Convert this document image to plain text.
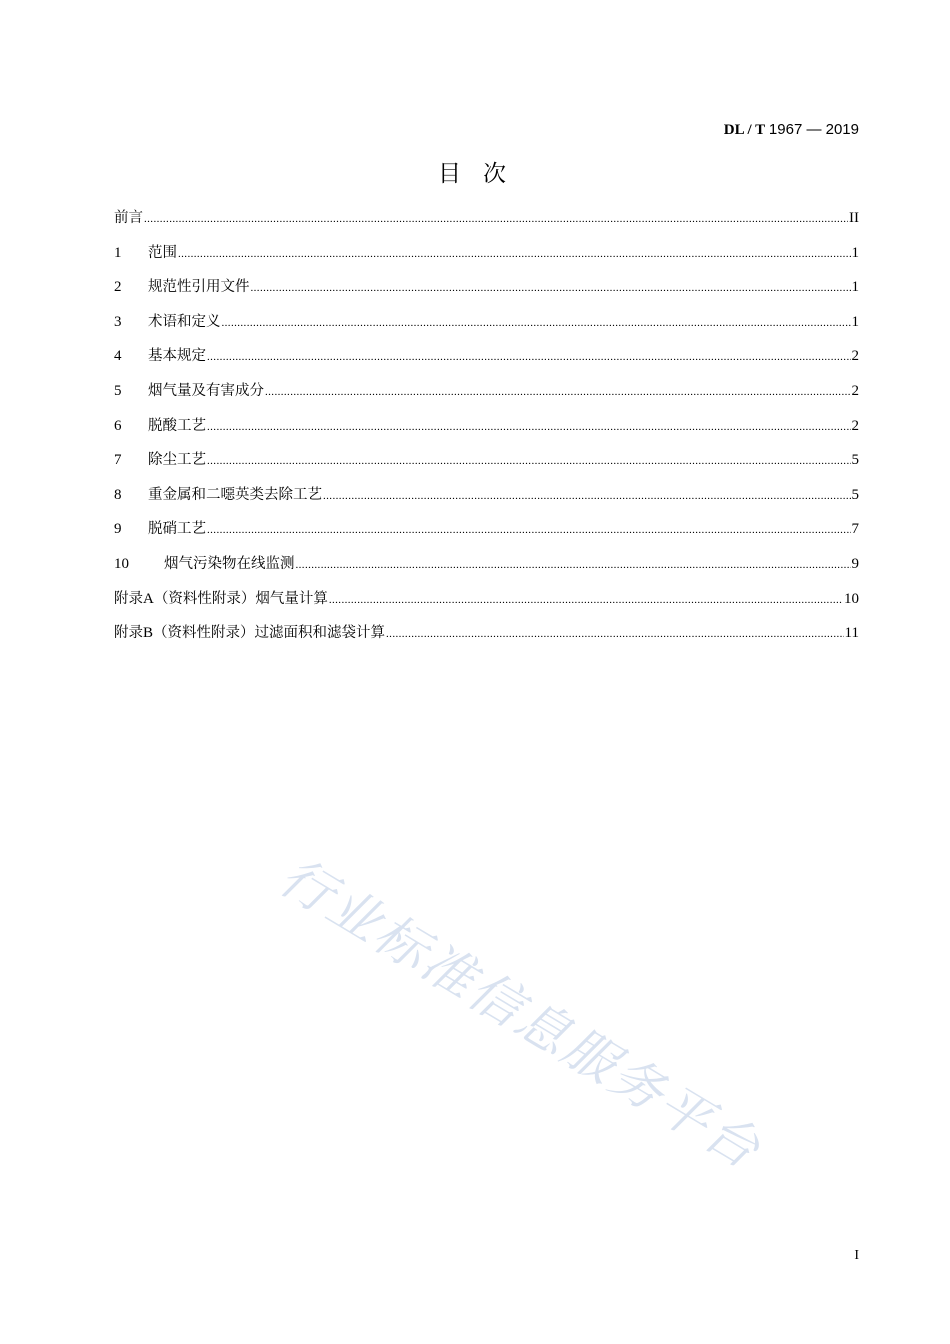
DL / T 1967 — 2019
目次
前言 .....	II
1	范围 .....	1
2	规范性引用文件 .....	1
3	术语和定义 .....	1
4	基本规定 .....	2
5	烟气量及有害成分 .....	2
6	脱酸工艺 .....	2
7	除尘工艺 .....	5
8	重金属和二噁英类去除工艺 .....	5
9	脱硝工艺 .....	7
10	烟气污染物在线监测 .....	9
附录A（资料性附录）烟气量计算 .....	10
附录B（资料性附录）过滤面积和滤袋计算 .....	11
行业标准信息服务平台
I
